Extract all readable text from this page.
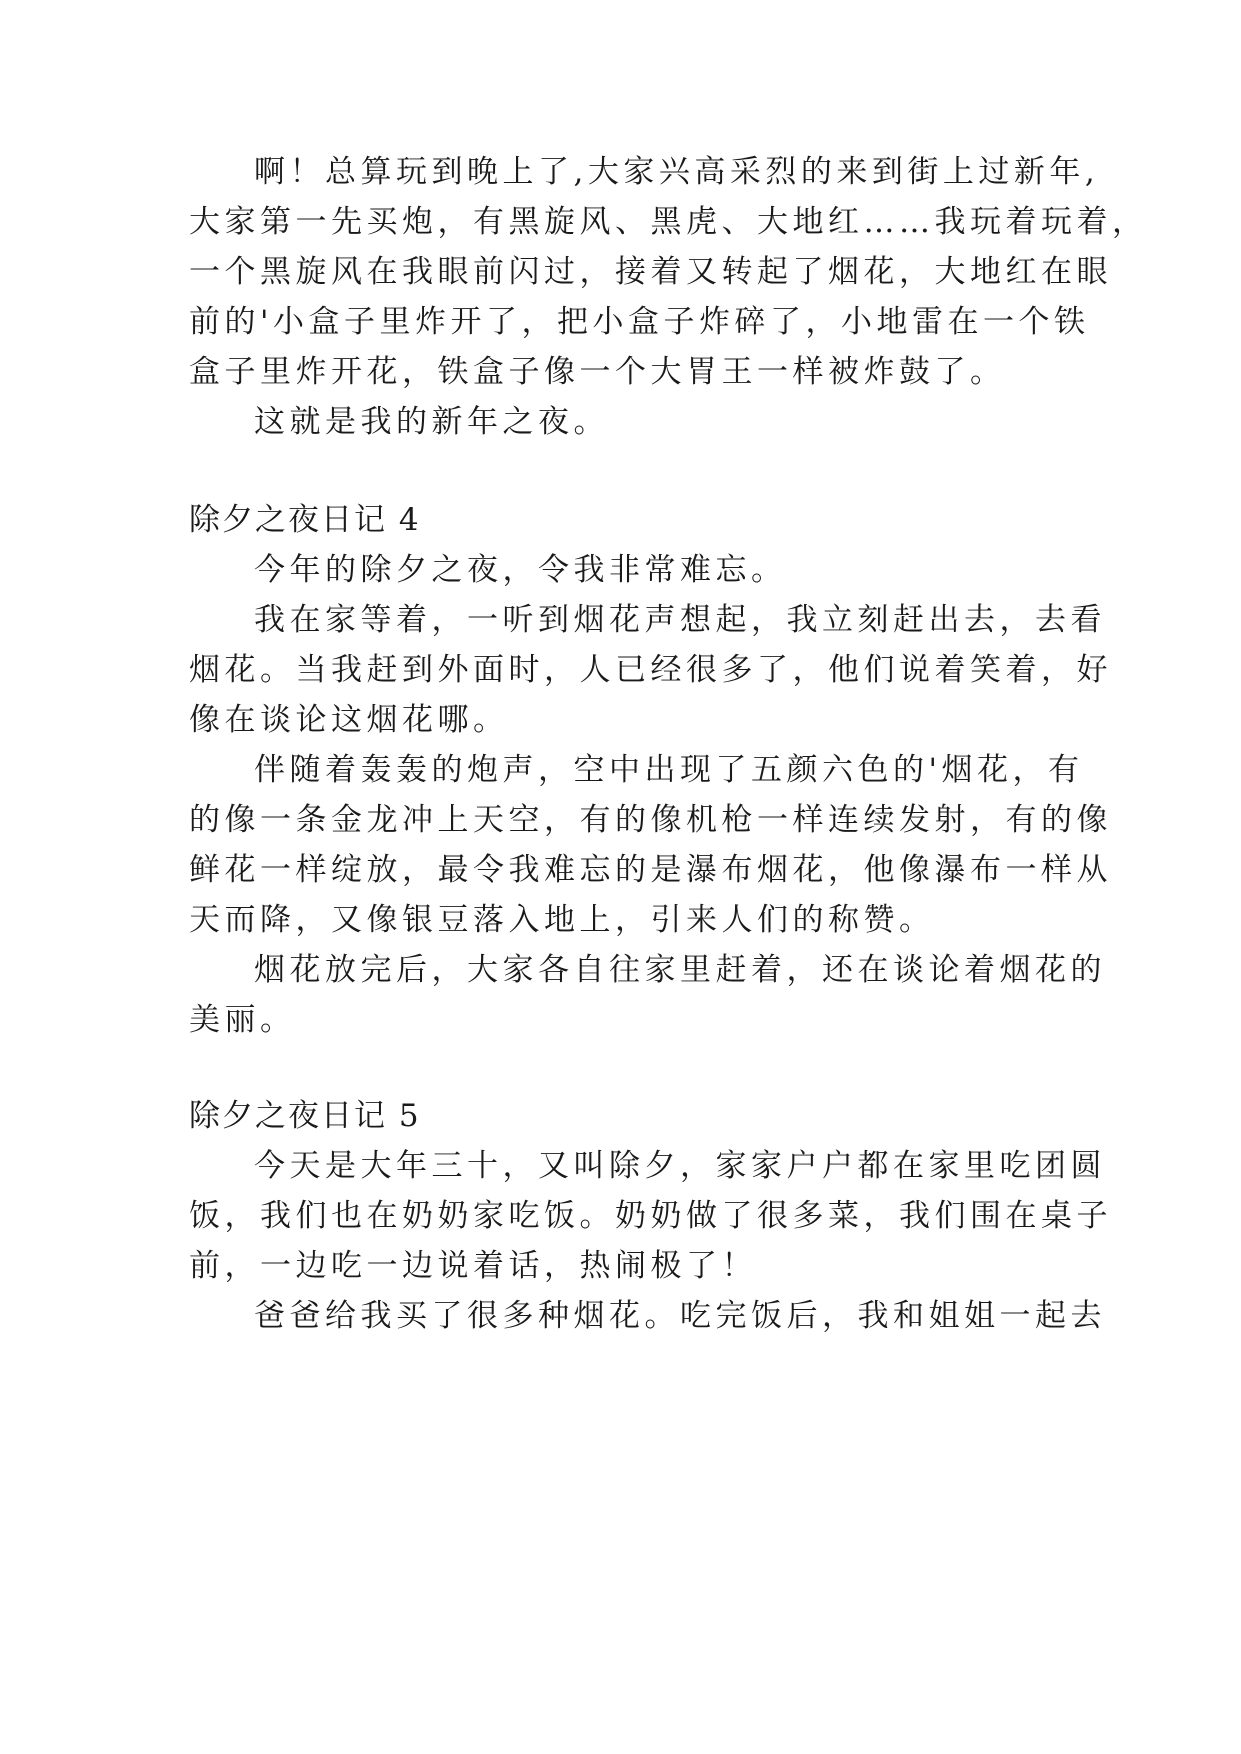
啊！总算玩到晚上了,大家兴高采烈的来到街上过新年,

大家第一先买炮，有黑旋风、黑虎、大地红……我玩着玩着，

一个黑旋风在我眼前闪过，接着又转起了烟花，大地红在眼

前的'小盒子里炸开了，把小盒子炸碎了，小地雷在一个铁

盒子里炸开花，铁盒子像一个大胃王一样被炸鼓了。

这就是我的新年之夜。

除夕之夜日记 4

今年的除夕之夜，令我非常难忘。

我在家等着，一听到烟花声想起，我立刻赶出去，去看

烟花。当我赶到外面时，人已经很多了，他们说着笑着，好

像在谈论这烟花哪。

伴随着轰轰的炮声，空中出现了五颜六色的'烟花，有

的像一条金龙冲上天空，有的像机枪一样连续发射，有的像

鲜花一样绽放，最令我难忘的是瀑布烟花，他像瀑布一样从

天而降，又像银豆落入地上，引来人们的称赞。

烟花放完后，大家各自往家里赶着，还在谈论着烟花的

美丽。

除夕之夜日记 5

今天是大年三十，又叫除夕，家家户户都在家里吃团圆

饭，我们也在奶奶家吃饭。奶奶做了很多菜，我们围在桌子

前，一边吃一边说着话，热闹极了！

爸爸给我买了很多种烟花。吃完饭后，我和姐姐一起去
